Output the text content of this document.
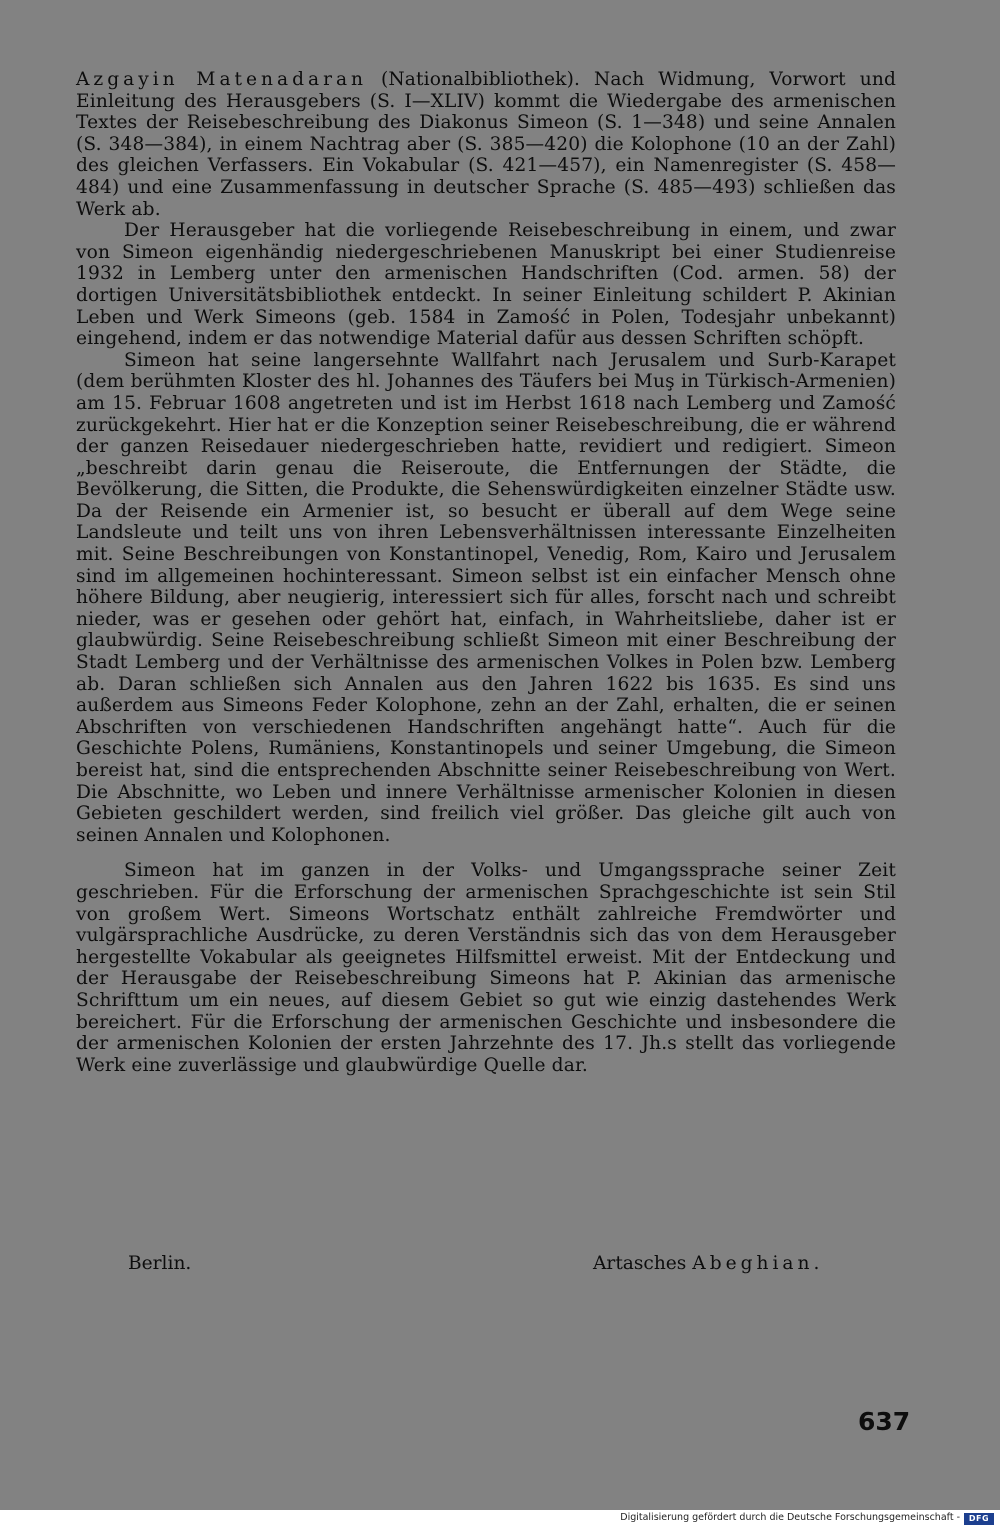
Azgayin Matenadaran (Nationalbibliothek). Nach Widmung, Vorwort und Einleitung des Herausgebers (S. I—XLIV) kommt die Wiedergabe des armenischen Textes der Reisebeschreibung des Diakonus Simeon (S. 1—348) und seine Annalen (S. 348—384), in einem Nachtrag aber (S. 385—420) die Kolophone (10 an der Zahl) des gleichen Verfassers. Ein Vokabular (S. 421—457), ein Namenregister (S. 458—484) und eine Zusammenfassung in deutscher Sprache (S. 485—493) schließen das Werk ab.

Der Herausgeber hat die vorliegende Reisebeschreibung in einem, und zwar von Simeon eigenhändig niedergeschriebenen Manuskript bei einer Studienreise 1932 in Lemberg unter den armenischen Handschriften (Cod. armen. 58) der dortigen Universitätsbibliothek entdeckt. In seiner Einleitung schildert P. Akinian Leben und Werk Simeons (geb. 1584 in Zamość in Polen, Todesjahr unbekannt) eingehend, indem er das notwendige Material dafür aus dessen Schriften schöpft.

Simeon hat seine langersehnte Wallfahrt nach Jerusalem und Surb-Karapet (dem berühmten Kloster des hl. Johannes des Täufers bei Muş in Türkisch-Armenien) am 15. Februar 1608 angetreten und ist im Herbst 1618 nach Lemberg und Zamość zurückgekehrt. Hier hat er die Konzeption seiner Reisebeschreibung, die er während der ganzen Reisedauer niedergeschrieben hatte, revidiert und redigiert. Simeon „beschreibt darin genau die Reiseroute, die Entfernungen der Städte, die Bevölkerung, die Sitten, die Produkte, die Sehenswürdigkeiten einzelner Städte usw. Da der Reisende ein Armenier ist, so besucht er überall auf dem Wege seine Landsleute und teilt uns von ihren Lebensverhältnissen interessante Einzelheiten mit. Seine Beschreibungen von Konstantinopel, Venedig, Rom, Kairo und Jerusalem sind im allgemeinen hochinteressant. Simeon selbst ist ein einfacher Mensch ohne höhere Bildung, aber neugierig, interessiert sich für alles, forscht nach und schreibt nieder, was er gesehen oder gehört hat, einfach, in Wahrheitsliebe, daher ist er glaubwürdig. Seine Reisebeschreibung schließt Simeon mit einer Beschreibung der Stadt Lemberg und der Verhältnisse des armenischen Volkes in Polen bzw. Lemberg ab. Daran schließen sich Annalen aus den Jahren 1622 bis 1635. Es sind uns außerdem aus Simeons Feder Kolophone, zehn an der Zahl, erhalten, die er seinen Abschriften von verschiedenen Handschriften angehängt hatte“. Auch für die Geschichte Polens, Rumäniens, Konstantinopels und seiner Umgebung, die Simeon bereist hat, sind die entsprechenden Abschnitte seiner Reisebeschreibung von Wert. Die Abschnitte, wo Leben und innere Verhältnisse armenischer Kolonien in diesen Gebieten geschildert werden, sind freilich viel größer. Das gleiche gilt auch von seinen Annalen und Kolophonen.

Simeon hat im ganzen in der Volks- und Umgangssprache seiner Zeit geschrieben. Für die Erforschung der armenischen Sprachgeschichte ist sein Stil von großem Wert. Simeons Wortschatz enthält zahlreiche Fremdwörter und vulgärsprachliche Ausdrücke, zu deren Verständnis sich das von dem Herausgeber hergestellte Vokabular als geeignetes Hilfsmittel erweist. Mit der Entdeckung und der Herausgabe der Reisebeschreibung Simeons hat P. Akinian das armenische Schrifttum um ein neues, auf diesem Gebiet so gut wie einzig dastehendes Werk bereichert. Für die Erforschung der armenischen Geschichte und insbesondere die der armenischen Kolonien der ersten Jahrzehnte des 17. Jh.s stellt das vorliegende Werk eine zuverlässige und glaubwürdige Quelle dar.

Berlin.	Artasches Abeghian.
637
Digitalisierung gefördert durch die Deutsche Forschungsgemeinschaft -	DFG
